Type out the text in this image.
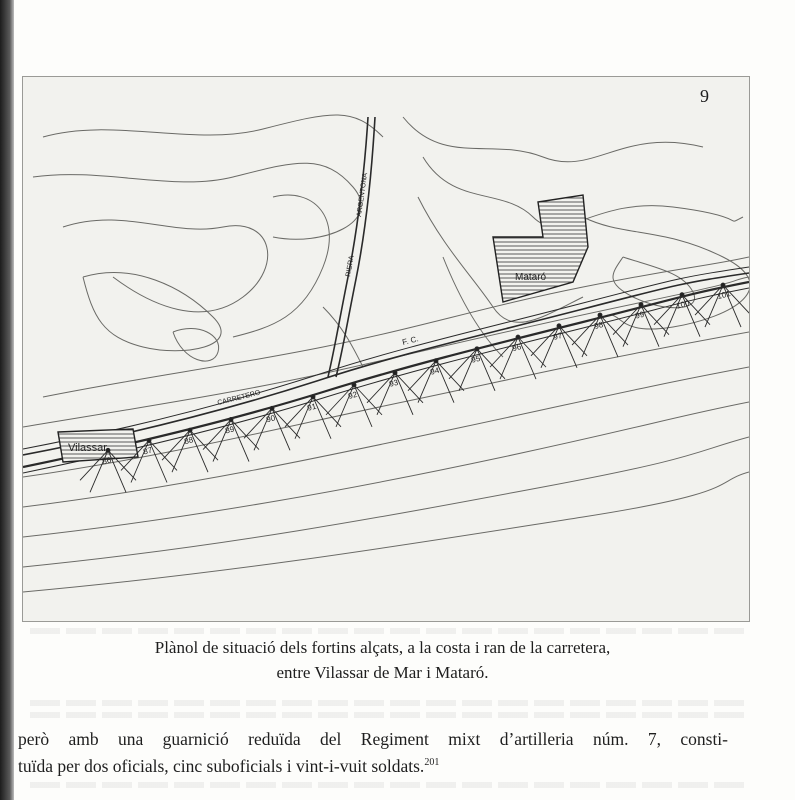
86
87
88
89
90
91
92
93
94
95
96
97
98
99
100
101
Vilassar
Mataró
CARRETERO
F. C.
RIERA
ARGENTONA
9
Plànol de situació dels fortins alçats, a la costa i ran de la carretera,
entre Vilassar de Mar i Mataró.
però amb una guarnició reduïda del Regiment mixt d’artilleria núm. 7, consti-
tuïda per dos oficials, cinc suboficials i vint-i-vuit soldats.$^{201}$
